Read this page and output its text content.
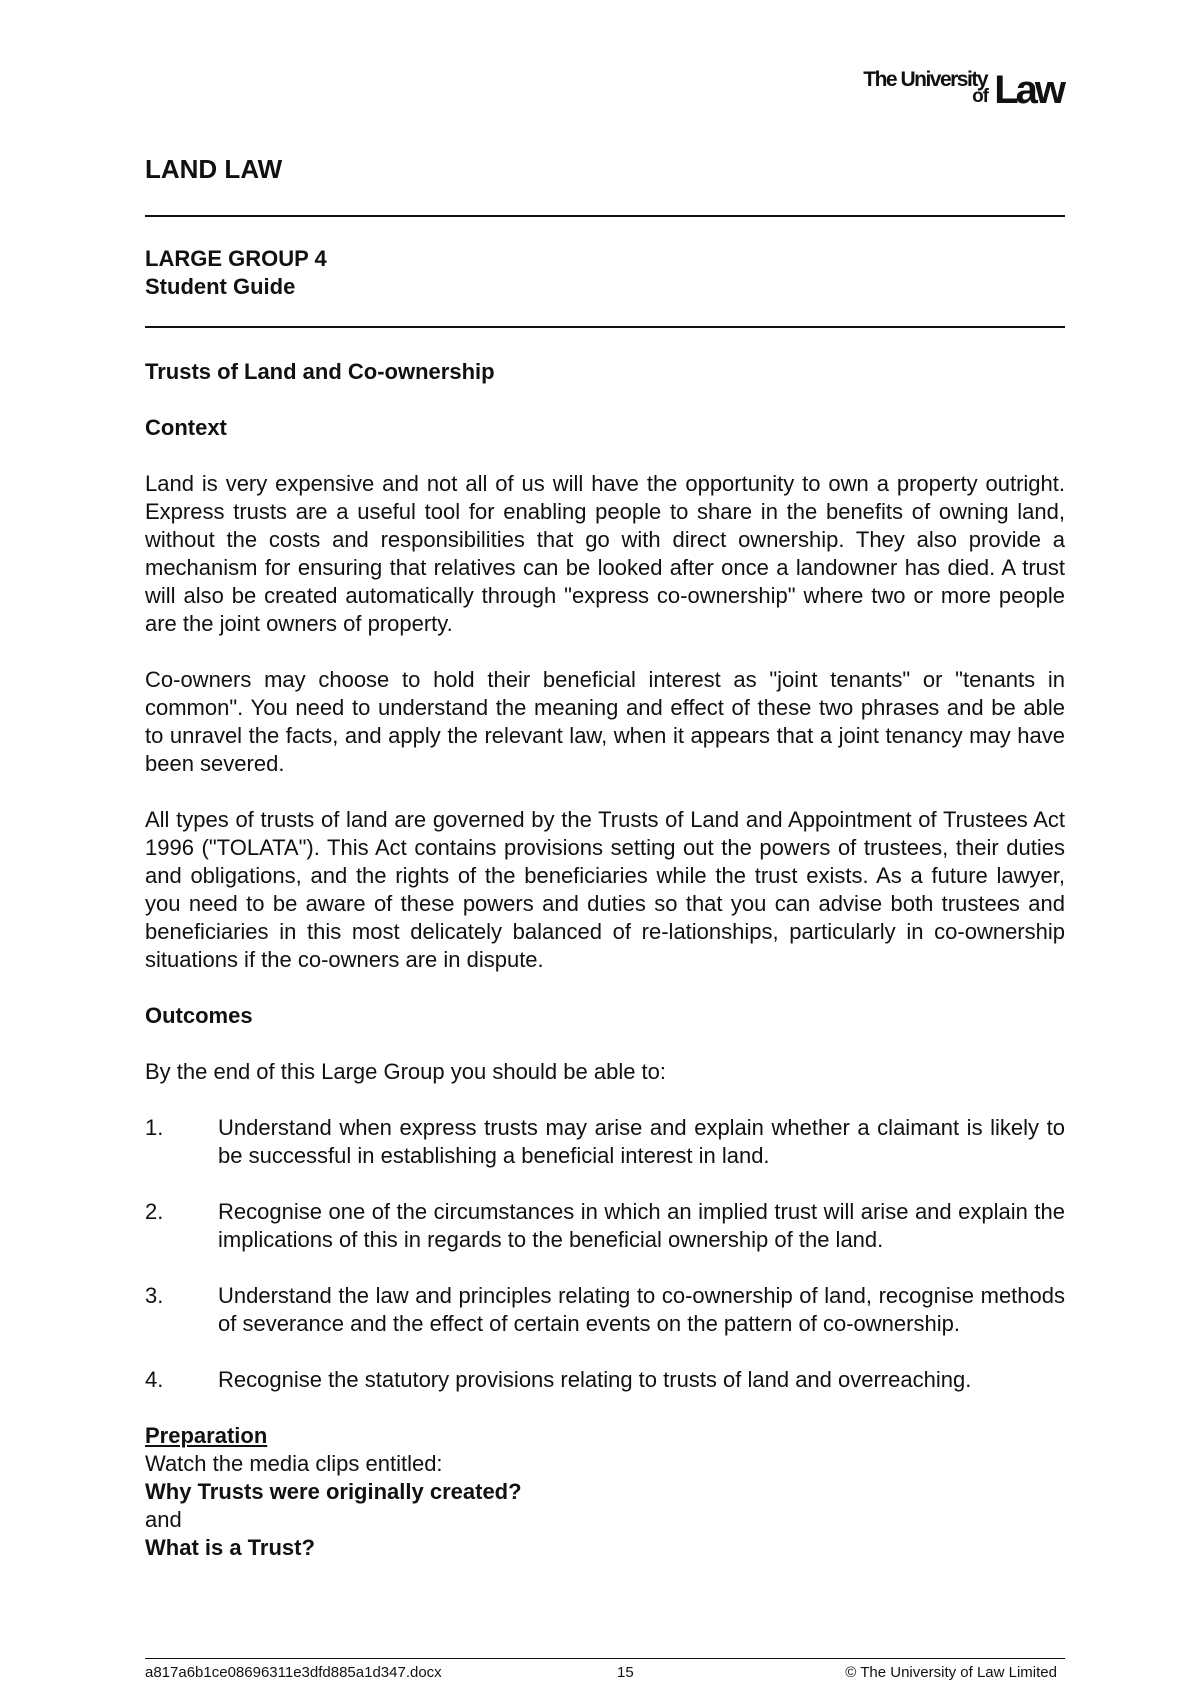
The University
of Law
LAND LAW
LARGE GROUP 4
Student Guide
Trusts of Land and Co-ownership
Context

Land is very expensive and not all of us will have the opportunity to own a property outright. Express trusts are a useful tool for enabling people to share in the benefits of owning land, without the costs and responsibilities that go with direct ownership. They also provide a mechanism for ensuring that relatives can be looked after once a landowner has died. A trust will also be created automatically through "express co-ownership" where two or more people are the joint owners of property.

Co-owners may choose to hold their beneficial interest as "joint tenants" or "tenants in common". You need to understand the meaning and effect of these two phrases and be able to unravel the facts, and apply the relevant law, when it appears that a joint tenancy may have been severed.

All types of trusts of land are governed by the Trusts of Land and Appointment of Trustees Act 1996 ("TOLATA"). This Act contains provisions setting out the powers of trustees, their duties and obligations, and the rights of the beneficiaries while the trust exists. As a future lawyer, you need to be aware of these powers and duties so that you can advise both trustees and beneficiaries in this most delicately balanced of re-lationships, particularly in co-ownership situations if the co-owners are in dispute.

Outcomes

By the end of this Large Group you should be able to:

1. Understand when express trusts may arise and explain whether a claimant is likely to be successful in establishing a beneficial interest in land.
2. Recognise one of the circumstances in which an implied trust will arise and explain the implications of this in regards to the beneficial ownership of the land.
3. Understand the law and principles relating to co-ownership of land, recognise methods of severance and the effect of certain events on the pattern of co-ownership.
4. Recognise the statutory provisions relating to trusts of land and overreaching.
Preparation
Watch the media clips entitled:
Why Trusts were originally created?
and
What is a Trust?
a817a6b1ce08696311e3dfd885a1d347.docx	15	© The University of Law Limited
